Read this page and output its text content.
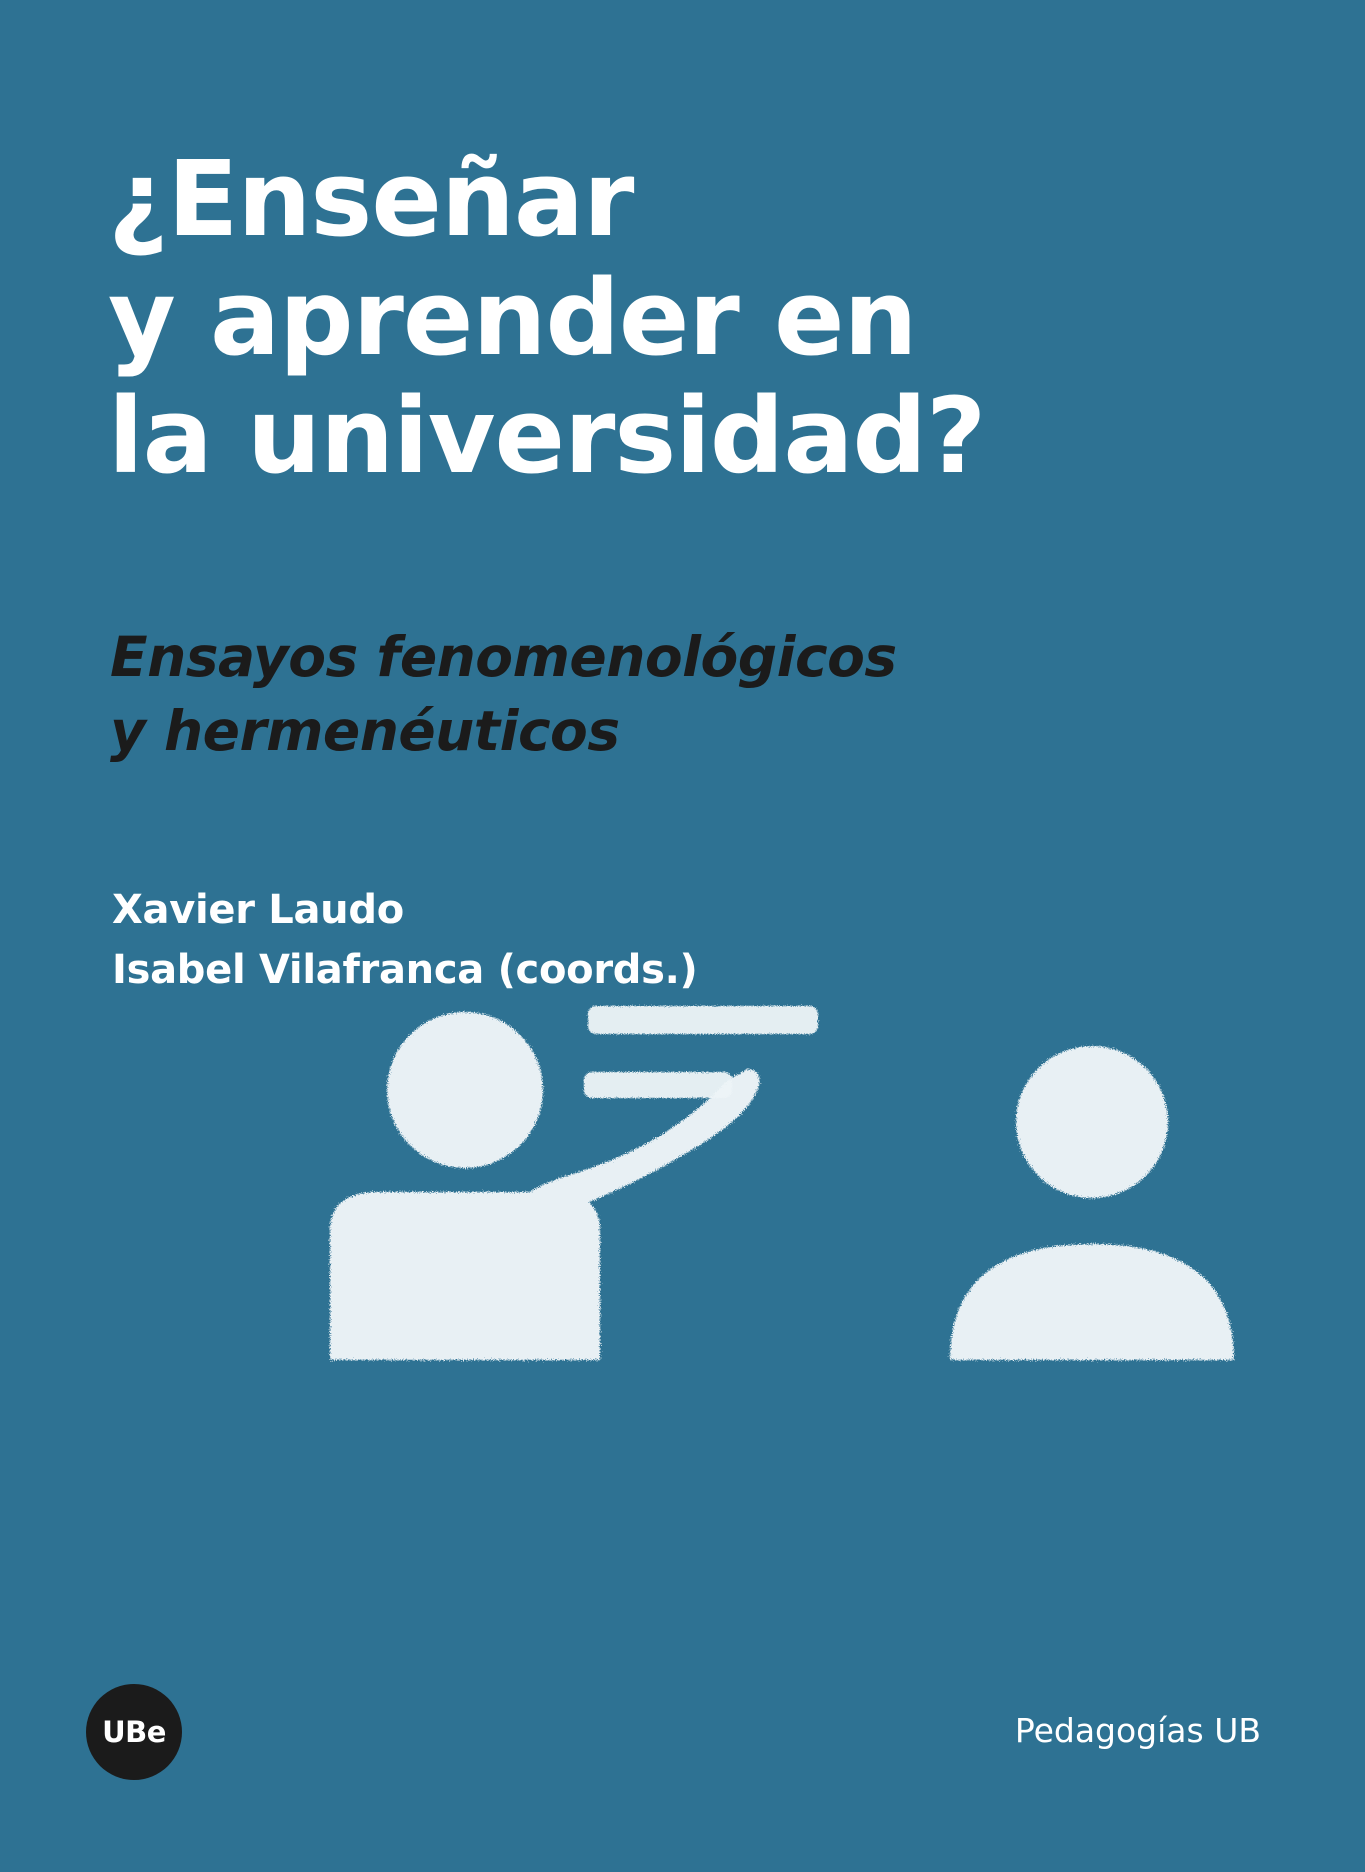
¿Enseñar
y aprender en
la universidad?
Ensayos fenomenológicos
y hermenéuticos
Xavier Laudo
Isabel Vilafranca (coords.)
UBe	Pedagogías UB
